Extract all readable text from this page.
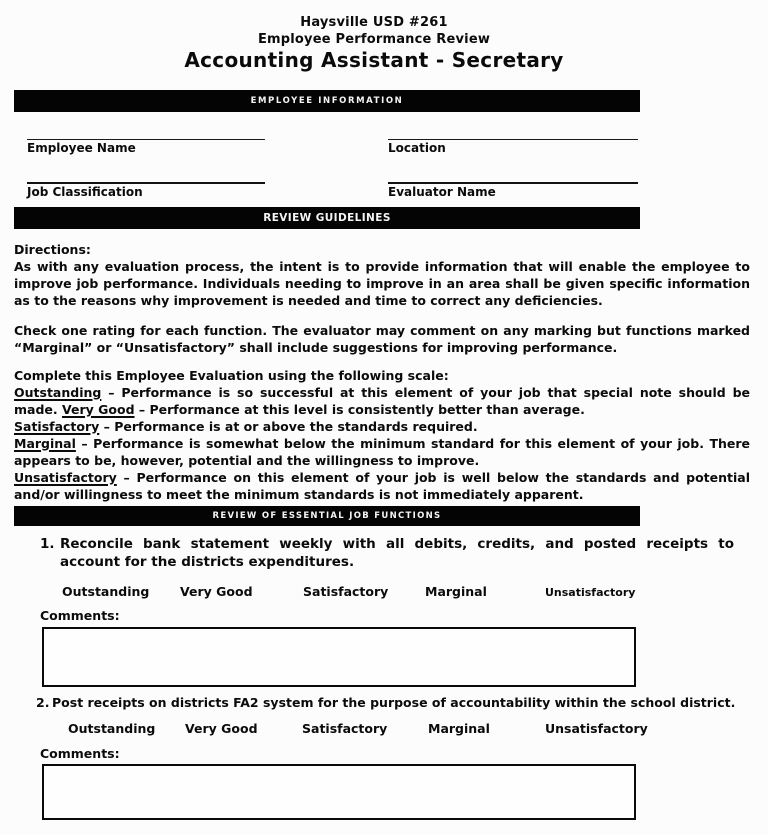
Haysville USD #261
Employee Performance Review
Accounting Assistant - Secretary
EMPLOYEE INFORMATION
Employee Name	Location
Job Classification	Evaluator Name
REVIEW GUIDELINES
Directions:

As with any evaluation process, the intent is to provide information that will enable the employee to improve job performance. Individuals needing to improve in an area shall be given specific information as to the reasons why improvement is needed and time to correct any deficiencies.

Check one rating for each function. The evaluator may comment on any marking but functions marked “Marginal” or “Unsatisfactory” shall include suggestions for improving performance.

Complete this Employee Evaluation using the following scale:

Outstanding – Performance is so successful at this element of your job that special note should be made. Very Good – Performance at this level is consistently better than average.

Satisfactory – Performance is at or above the standards required.

Marginal – Performance is somewhat below the minimum standard for this element of your job. There appears to be, however, potential and the willingness to improve.

Unsatisfactory – Performance on this element of your job is well below the standards and potential and/or willingness to meet the minimum standards is not immediately apparent.

REVIEW OF ESSENTIAL JOB FUNCTIONS
1. Reconcile bank statement weekly with all debits, credits, and posted receipts to account for the districts expenditures.
Outstanding Very Good	Satisfactory	Marginal	Unsatisfactory
Comments:
2. Post receipts on districts FA2 system for the purpose of accountability within the school district.
Outstanding Very Good	Satisfactory	Marginal	Unsatisfactory
Comments:
